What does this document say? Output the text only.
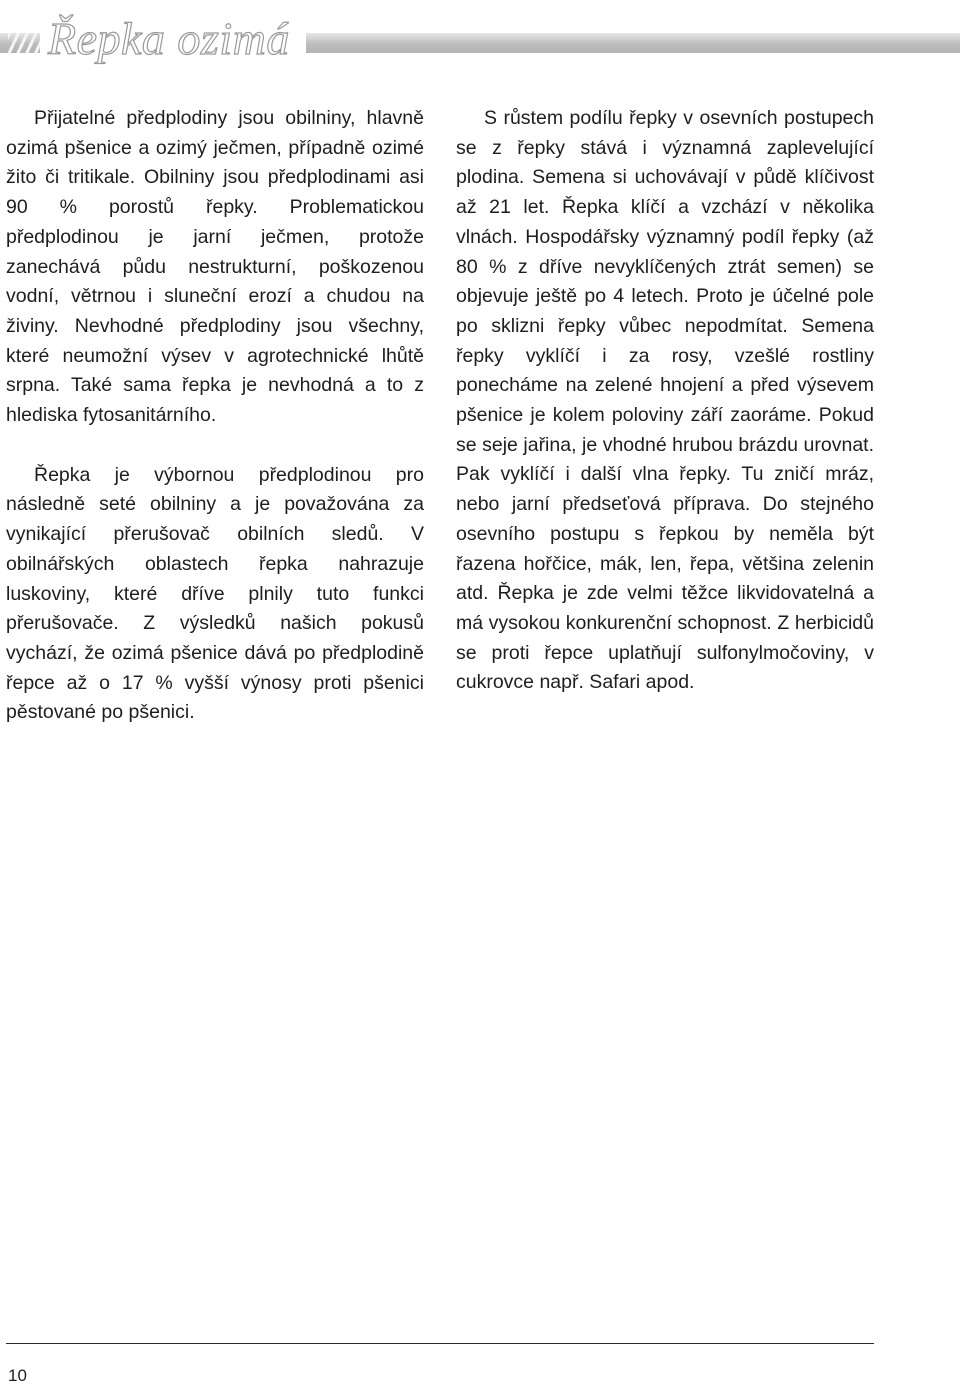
Řepka ozimá

Přijatelné předplodiny jsou obilniny, hlavně ozimá pšenice a ozimý ječmen, případně ozimé žito či tritikale. Obilniny jsou předplodinami asi 90 % porostů řepky. Problematickou předplodinou je jarní ječmen, protože zanechává půdu nestrukturní, poškozenou vodní, větrnou i sluneční erozí a chudou na živiny. Nevhodné předplodiny jsou všechny, které neumožní výsev v agrotechnické lhůtě srpna. Také sama řepka je nevhodná a to z hlediska fytosanitárního.

Řepka je výbornou předplodinou pro následně seté obilniny a je považována za vynikající přerušovač obilních sledů. V obilnářských oblastech řepka nahrazuje luskoviny, které dříve plnily tuto funkci přerušovače. Z výsledků našich pokusů vychází, že ozimá pšenice dává po předplodině řepce až o 17 % vyšší výnosy proti pšenici pěstované po pšenici.

S růstem podílu řepky v osevních postupech se z řepky stává i významná zaplevelující plodina. Semena si uchovávají v půdě klíčivost až 21 let. Řepka klíčí a vzchází v několika vlnách. Hospodářsky významný podíl řepky (až 80 % z dříve nevyklíčených ztrát semen) se objevuje ještě po 4 letech. Proto je účelné pole po sklizni řepky vůbec nepodmítat. Semena řepky vyklíčí i za rosy, vzešlé rostliny ponecháme na zelené hnojení a před výsevem pšenice je kolem poloviny září zaoráme. Pokud se seje jařina, je vhodné hrubou brázdu urovnat. Pak vyklíčí i další vlna řepky. Tu zničí mráz, nebo jarní předseťová příprava. Do stejného osevního postupu s řepkou by neměla být řazena hořčice, mák, len, řepa, většina zelenin atd. Řepka je zde velmi těžce likvidovatelná a má vysokou konkurenční schopnost. Z herbicidů se proti řepce uplatňují sulfonylmočoviny, v cukrovce např. Safari apod.

10
